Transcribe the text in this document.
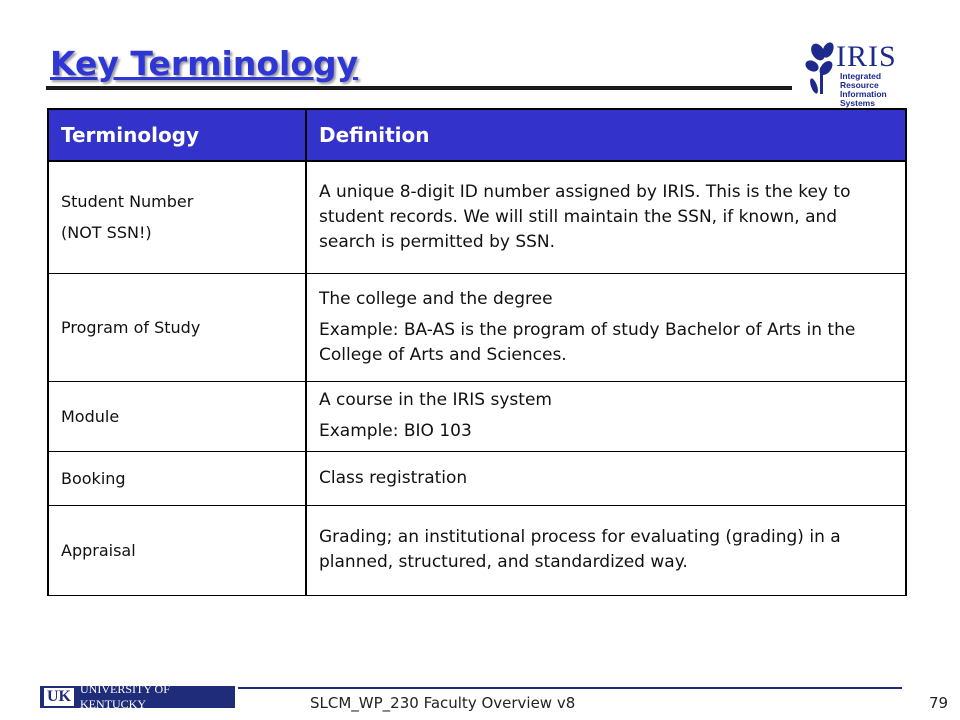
Key Terminology	IRIS
Integrated Resource Information Systems
Terminology	Definition

Student Number
(NOT SSN!)	A unique 8-digit ID number assigned by IRIS. This is the key to student records. We will still maintain the SSN, if known, and search is permitted by SSN.

Program of Study	The college and the degree
Example: BA-AS is the program of study Bachelor of Arts in the College of Arts and Sciences.

Module	A course in the IRIS system
Example: BIO 103

Booking	Class registration

Appraisal	Grading; an institutional process for evaluating (grading) in a planned, structured, and standardized way.
UK UNIVERSITY OF KENTUCKY	SLCM_WP_230 Faculty Overview v8	79
